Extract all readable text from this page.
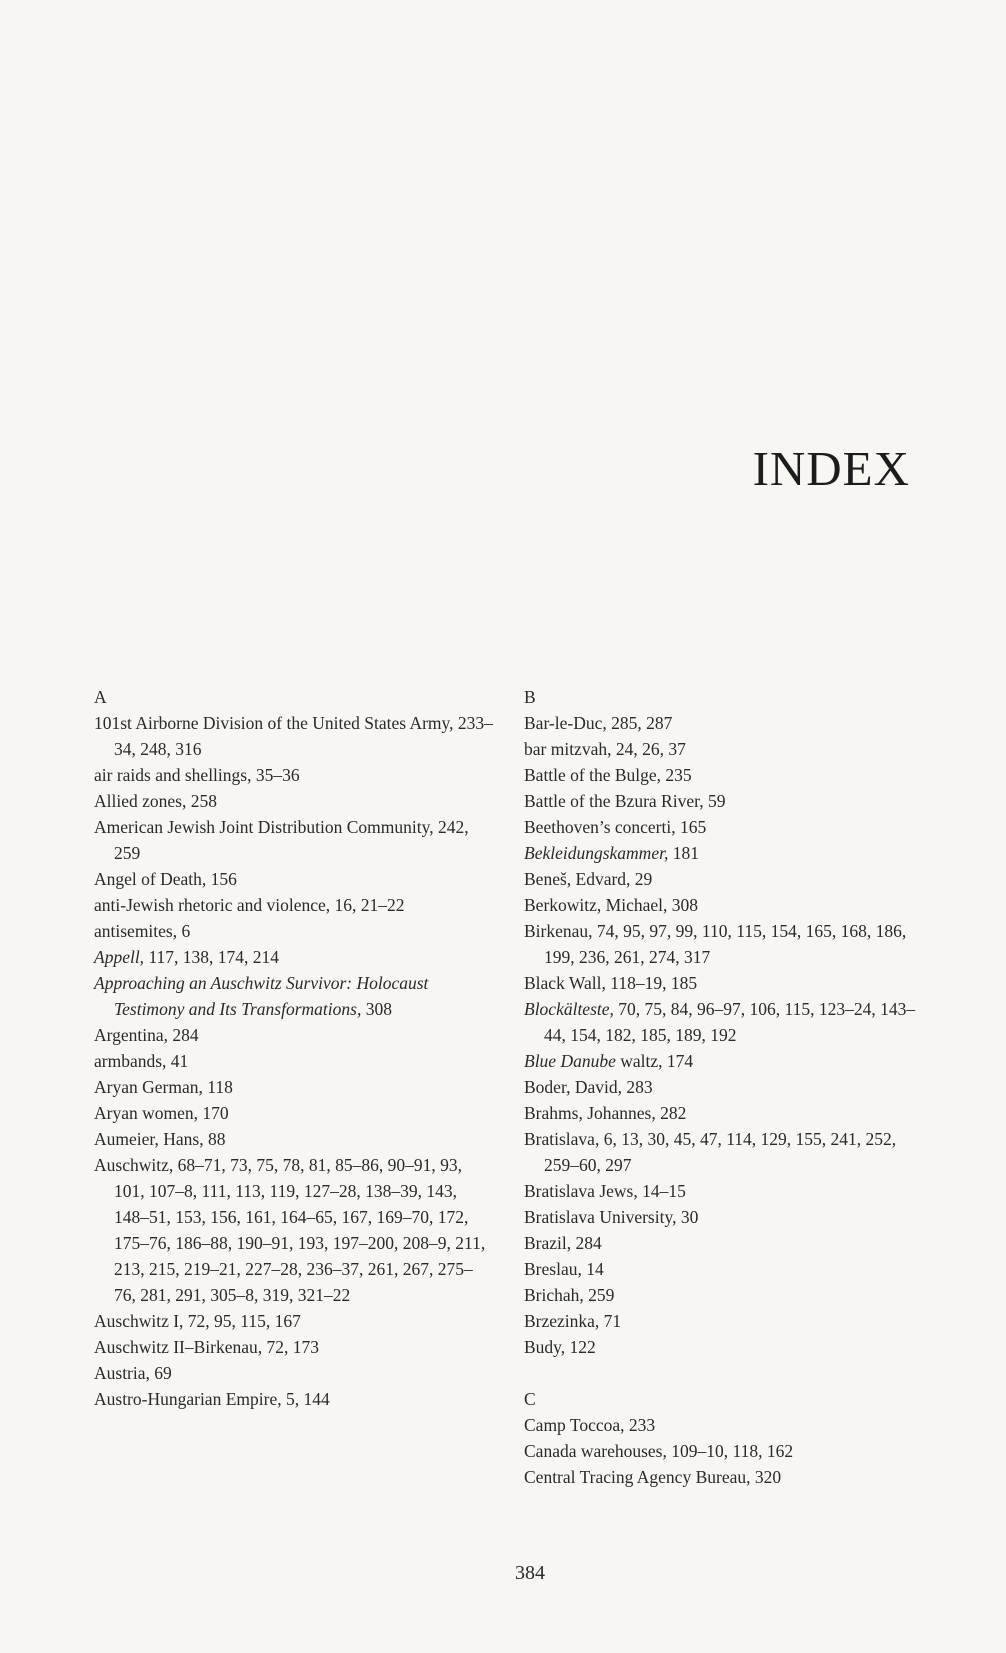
INDEX
A

101st Airborne Division of the United States Army, 233–34, 248, 316

air raids and shellings, 35–36

Allied zones, 258

American Jewish Joint Distribution Community, 242, 259

Angel of Death, 156

anti-Jewish rhetoric and violence, 16, 21–22

antisemites, 6

Appell, 117, 138, 174, 214

Approaching an Auschwitz Survivor: Holocaust Testimony and Its Transformations, 308

Argentina, 284

armbands, 41

Aryan German, 118

Aryan women, 170

Aumeier, Hans, 88

Auschwitz, 68–71, 73, 75, 78, 81, 85–86, 90–91, 93, 101, 107–8, 111, 113, 119, 127–28, 138–39, 143, 148–51, 153, 156, 161, 164–65, 167, 169–70, 172, 175–76, 186–88, 190–91, 193, 197–200, 208–9, 211, 213, 215, 219–21, 227–28, 236–37, 261, 267, 275–76, 281, 291, 305–8, 319, 321–22

Auschwitz I, 72, 95, 115, 167

Auschwitz II–Birkenau, 72, 173

Austria, 69

Austro-Hungarian Empire, 5, 144

B

Bar-le-Duc, 285, 287

bar mitzvah, 24, 26, 37

Battle of the Bulge, 235

Battle of the Bzura River, 59

Beethoven’s concerti, 165

Bekleidungskammer, 181

Beneš, Edvard, 29

Berkowitz, Michael, 308

Birkenau, 74, 95, 97, 99, 110, 115, 154, 165, 168, 186, 199, 236, 261, 274, 317

Black Wall, 118–19, 185

Blockälteste, 70, 75, 84, 96–97, 106, 115, 123–24, 143–44, 154, 182, 185, 189, 192

Blue Danube waltz, 174

Boder, David, 283

Brahms, Johannes, 282

Bratislava, 6, 13, 30, 45, 47, 114, 129, 155, 241, 252, 259–60, 297

Bratislava Jews, 14–15

Bratislava University, 30

Brazil, 284

Breslau, 14

Brichah, 259

Brzezinka, 71

Budy, 122

C

Camp Toccoa, 233

Canada warehouses, 109–10, 118, 162

Central Tracing Agency Bureau, 320

384
